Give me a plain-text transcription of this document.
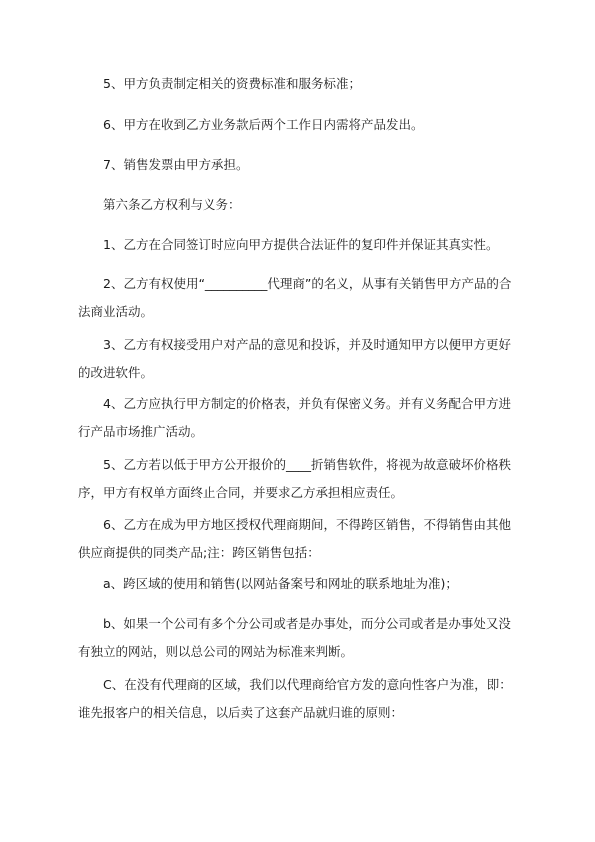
5、甲方负责制定相关的资费标准和服务标准；

6、甲方在收到乙方业务款后两个工作日内需将产品发出。

7、销售发票由甲方承担。

第六条乙方权利与义务：

1、乙方在合同签订时应向甲方提供合法证件的复印件并保证其真实性。

2、乙方有权使用“__________代理商”的名义，从事有关销售甲方产品的合法商业活动。

3、乙方有权接受用户对产品的意见和投诉，并及时通知甲方以便甲方更好的改进软件。

4、乙方应执行甲方制定的价格表，并负有保密义务。并有义务配合甲方进行产品市场推广活动。

5、乙方若以低于甲方公开报价的____折销售软件，将视为故意破坏价格秩序，甲方有权单方面终止合同，并要求乙方承担相应责任。

6、乙方在成为甲方地区授权代理商期间，不得跨区销售，不得销售由其他供应商提供的同类产品;注：跨区销售包括：

a、跨区域的使用和销售(以网站备案号和网址的联系地址为准)；

b、如果一个公司有多个分公司或者是办事处，而分公司或者是办事处又没有独立的网站，则以总公司的网站为标准来判断。

C、在没有代理商的区域，我们以代理商给官方发的意向性客户为准，即：谁先报客户的相关信息，以后卖了这套产品就归谁的原则：
